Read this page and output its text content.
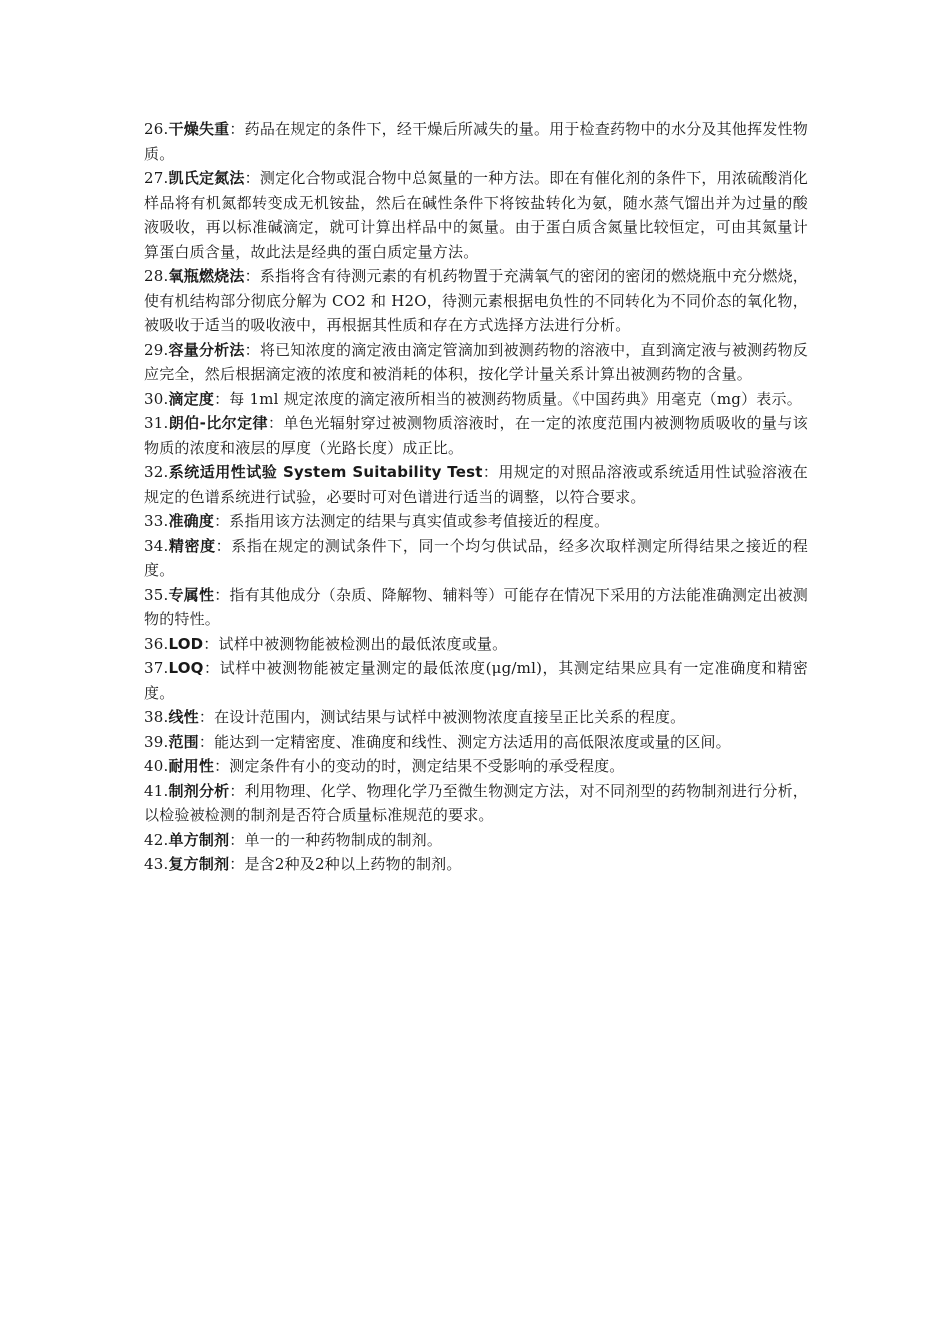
26.干燥失重：药品在规定的条件下，经干燥后所减失的量。用于检查药物中的水分及其他挥发性物质。

27.凯氏定氮法：测定化合物或混合物中总氮量的一种方法。即在有催化剂的条件下，用浓硫酸消化样品将有机氮都转变成无机铵盐，然后在碱性条件下将铵盐转化为氨，随水蒸气馏出并为过量的酸液吸收，再以标准碱滴定，就可计算出样品中的氮量。由于蛋白质含氮量比较恒定，可由其氮量计算蛋白质含量，故此法是经典的蛋白质定量方法。

28.氧瓶燃烧法：系指将含有待测元素的有机药物置于充满氧气的密闭的密闭的燃烧瓶中充分燃烧，使有机结构部分彻底分解为 CO2 和 H2O，待测元素根据电负性的不同转化为不同价态的氧化物，被吸收于适当的吸收液中，再根据其性质和存在方式选择方法进行分析。

29.容量分析法：将已知浓度的滴定液由滴定管滴加到被测药物的溶液中，直到滴定液与被测药物反应完全，然后根据滴定液的浓度和被消耗的体积，按化学计量关系计算出被测药物的含量。

30.滴定度：每 1ml 规定浓度的滴定液所相当的被测药物质量。《中国药典》用毫克（mg）表示。

31.朗伯-比尔定律：单色光辐射穿过被测物质溶液时，在一定的浓度范围内被测物质吸收的量与该物质的浓度和液层的厚度（光路长度）成正比。

32.系统适用性试验 System Suitability Test：用规定的对照品溶液或系统适用性试验溶液在规定的色谱系统进行试验，必要时可对色谱进行适当的调整，以符合要求。

33.准确度：系指用该方法测定的结果与真实值或参考值接近的程度。

34.精密度：系指在规定的测试条件下，同一个均匀供试品，经多次取样测定所得结果之接近的程度。

35.专属性：指有其他成分（杂质、降解物、辅料等）可能存在情况下采用的方法能准确测定出被测物的特性。

36.LOD：试样中被测物能被检测出的最低浓度或量。

37.LOQ：试样中被测物能被定量测定的最低浓度(μg/ml)，其测定结果应具有一定准确度和精密度。

38.线性：在设计范围内，测试结果与试样中被测物浓度直接呈正比关系的程度。

39.范围：能达到一定精密度、准确度和线性、测定方法适用的高低限浓度或量的区间。

40.耐用性：测定条件有小的变动的时，测定结果不受影响的承受程度。

41.制剂分析：利用物理、化学、物理化学乃至微生物测定方法，对不同剂型的药物制剂进行分析，以检验被检测的制剂是否符合质量标准规范的要求。

42.单方制剂：单一的一种药物制成的制剂。

43.复方制剂：是含2种及2种以上药物的制剂。
